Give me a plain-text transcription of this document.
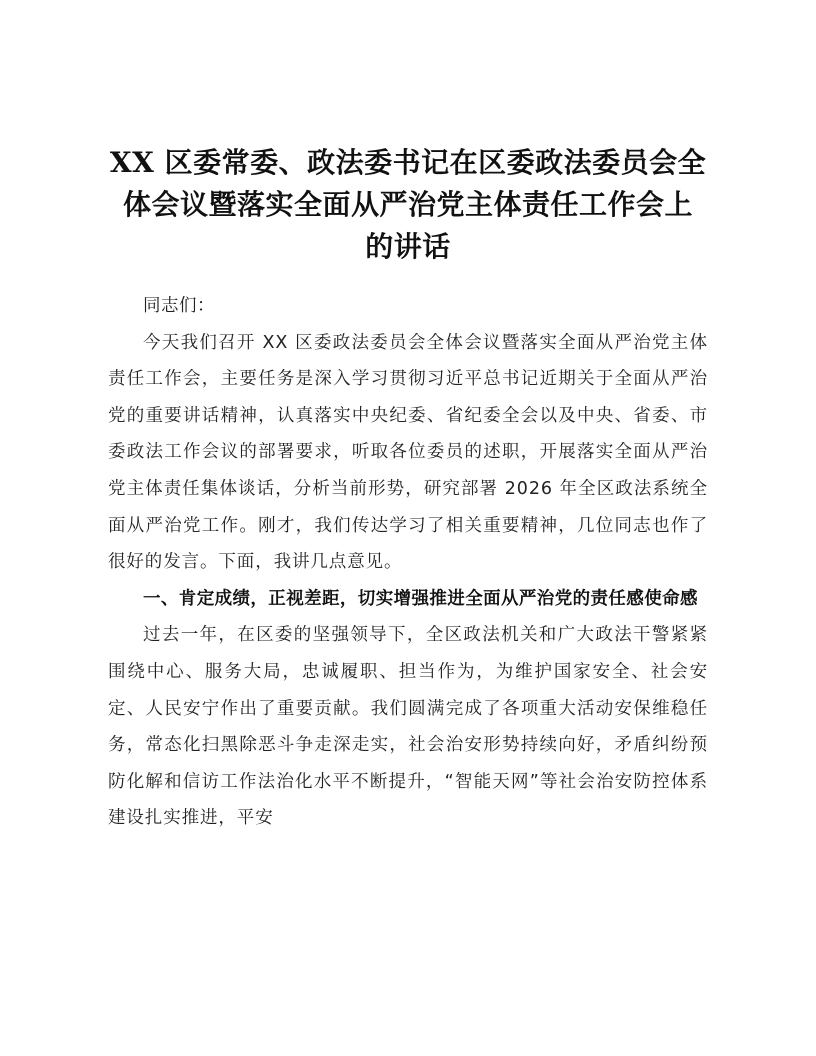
XX 区委常委、政法委书记在区委政法委员会全
体会议暨落实全面从严治党主体责任工作会上
的讲话

同志们：

今天我们召开 XX 区委政法委员会全体会议暨落实全面从严治党主体责任工作会，主要任务是深入学习贯彻习近平总书记近期关于全面从严治党的重要讲话精神，认真落实中央纪委、省纪委全会以及中央、省委、市委政法工作会议的部署要求，听取各位委员的述职，开展落实全面从严治党主体责任集体谈话，分析当前形势，研究部署 2026 年全区政法系统全面从严治党工作。刚才，我们传达学习了相关重要精神，几位同志也作了很好的发言。下面，我讲几点意见。

一、肯定成绩，正视差距，切实增强推进全面从严治党的责任感使命感

过去一年，在区委的坚强领导下，全区政法机关和广大政法干警紧紧围绕中心、服务大局，忠诚履职、担当作为，为维护国家安全、社会安定、人民安宁作出了重要贡献。我们圆满完成了各项重大活动安保维稳任务，常态化扫黑除恶斗争走深走实，社会治安形势持续向好，矛盾纠纷预防化解和信访工作法治化水平不断提升，“智能天网”等社会治安防控体系建设扎实推进，平安
